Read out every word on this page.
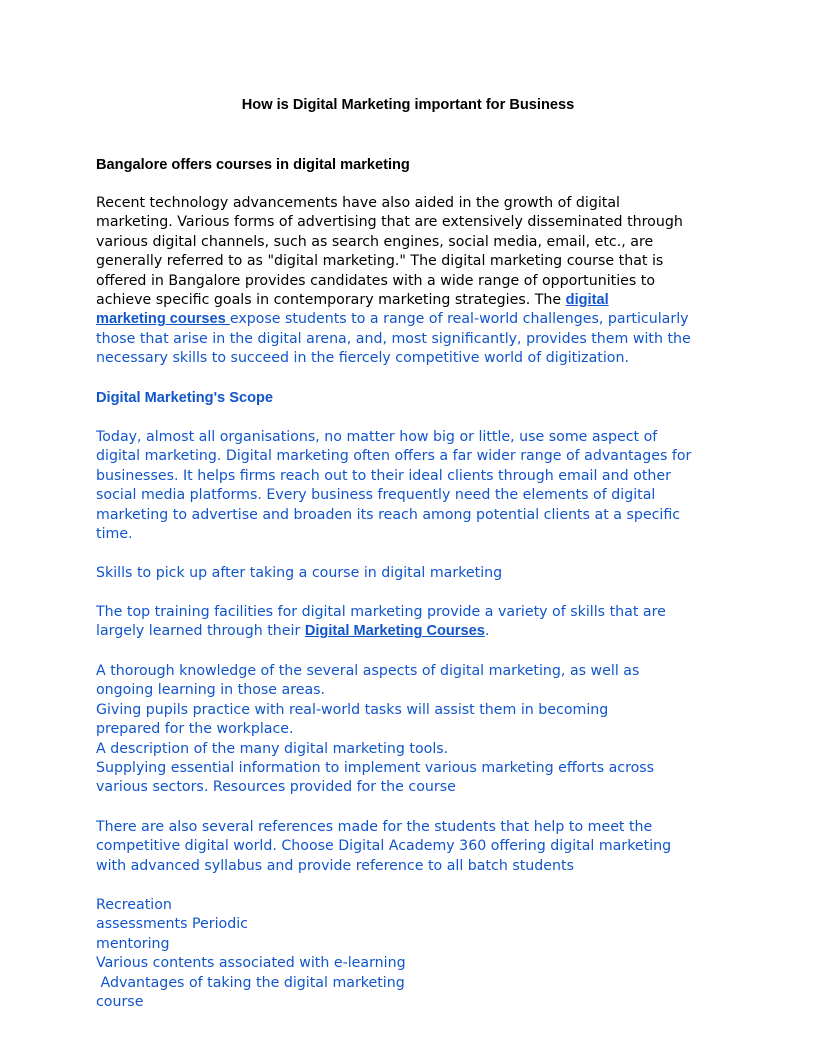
How is Digital Marketing important for Business
Bangalore offers courses in digital marketing
Recent technology advancements have also aided in the growth of digital
marketing. Various forms of advertising that are extensively disseminated through
various digital channels, such as search engines, social media, email, etc., are
generally referred to as "digital marketing." The digital marketing course that is
offered in Bangalore provides candidates with a wide range of opportunities to
achieve specific goals in contemporary marketing strategies. The digital
marketing courses expose students to a range of real-world challenges, particularly
those that arise in the digital arena, and, most significantly, provides them with the
necessary skills to succeed in the fiercely competitive world of digitization.
Digital Marketing's Scope
Today, almost all organisations, no matter how big or little, use some aspect of
digital marketing. Digital marketing often offers a far wider range of advantages for
businesses. It helps firms reach out to their ideal clients through email and other
social media platforms. Every business frequently need the elements of digital
marketing to advertise and broaden its reach among potential clients at a specific
time.
Skills to pick up after taking a course in digital marketing
The top training facilities for digital marketing provide a variety of skills that are
largely learned through their Digital Marketing Courses.
A thorough knowledge of the several aspects of digital marketing, as well as
ongoing learning in those areas.
Giving pupils practice with real-world tasks will assist them in becoming
prepared for the workplace.
A description of the many digital marketing tools.
Supplying essential information to implement various marketing efforts across
various sectors. Resources provided for the course
There are also several references made for the students that help to meet the
competitive digital world. Choose Digital Academy 360 offering digital marketing
with advanced syllabus and provide reference to all batch students
Recreation
assessments Periodic
mentoring
Various contents associated with e-learning
Advantages of taking the digital marketing
course
